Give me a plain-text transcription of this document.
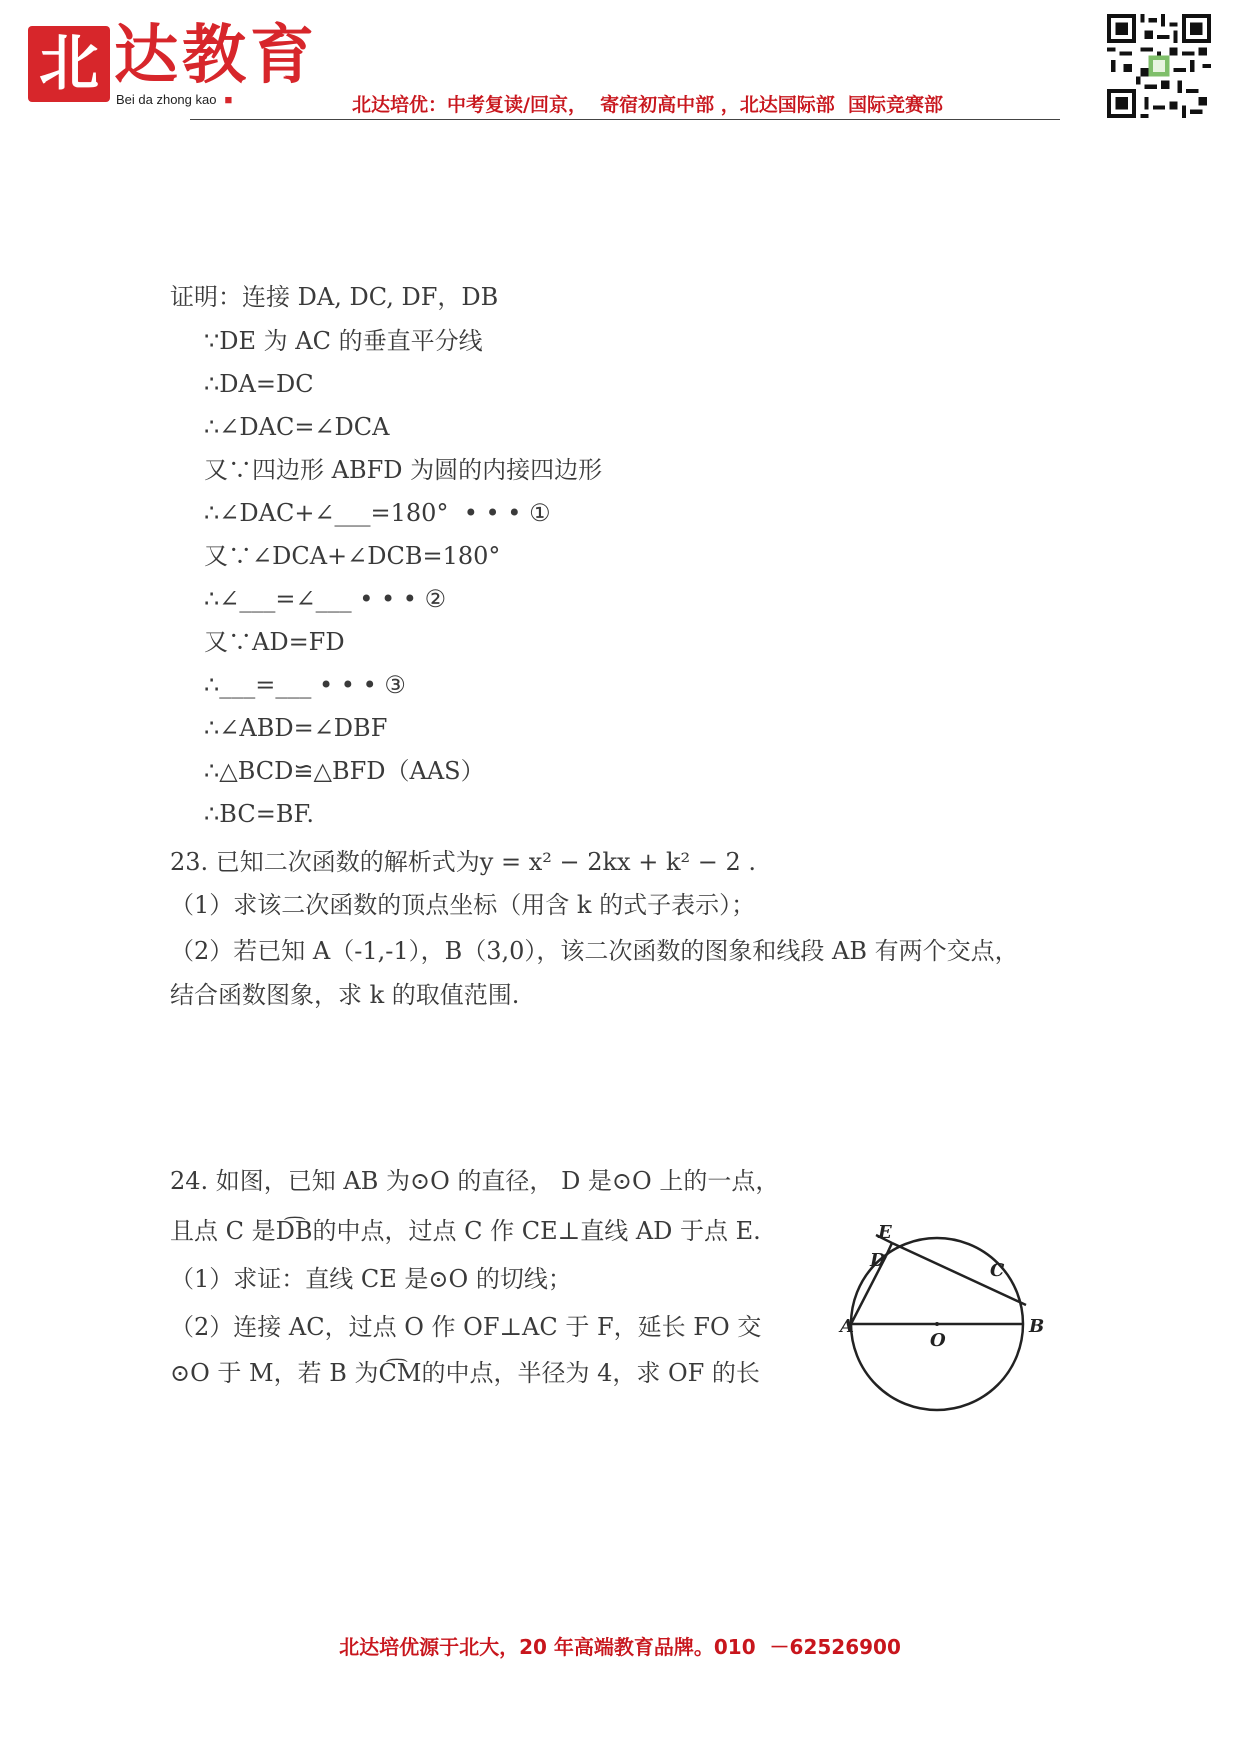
北 达教育
Bei da zhong kao ■	北达培优：中考复读/回京，  寄宿初高中部 ，北达国际部  国际竞赛部
证明：连接 DA, DC, DF，DB
∵DE 为 AC 的垂直平分线
∴DA=DC
∴∠DAC=∠DCA
又∵四边形 ABFD 为圆的内接四边形
∴∠DAC+∠___=180°  • • • ①
又∵∠DCA+∠DCB=180°
∴∠___=∠___ • • • ②
又∵AD=FD
∴___=___ • • • ③
∴∠ABD=∠DBF
∴△BCD≌△BFD（AAS）
∴BC=BF.
23. 已知二次函数的解析式为y = x² − 2kx + k² − 2 .
（1）求该二次函数的顶点坐标（用含 k 的式子表示）；
（2）若已知 A（-1,-1），B（3,0），该二次函数的图象和线段 AB 有两个交点，
结合函数图象，求 k 的取值范围.
24. 如图，已知 AB 为⊙O 的直径， D 是⊙O 上的一点，
且点 C 是D͡B的中点，过点 C 作 CE⊥直线 AD 于点 E.
（1）求证：直线 CE 是⊙O 的切线；
（2）连接 AC，过点 O 作 OF⊥AC 于 F，延长 FO 交
⊙O 于 M，若 B 为C͡M的中点，半径为 4，求 OF 的长
A	B
C
D
E
O
北达培优源于北大，20 年高端教育品牌。010  －62526900
